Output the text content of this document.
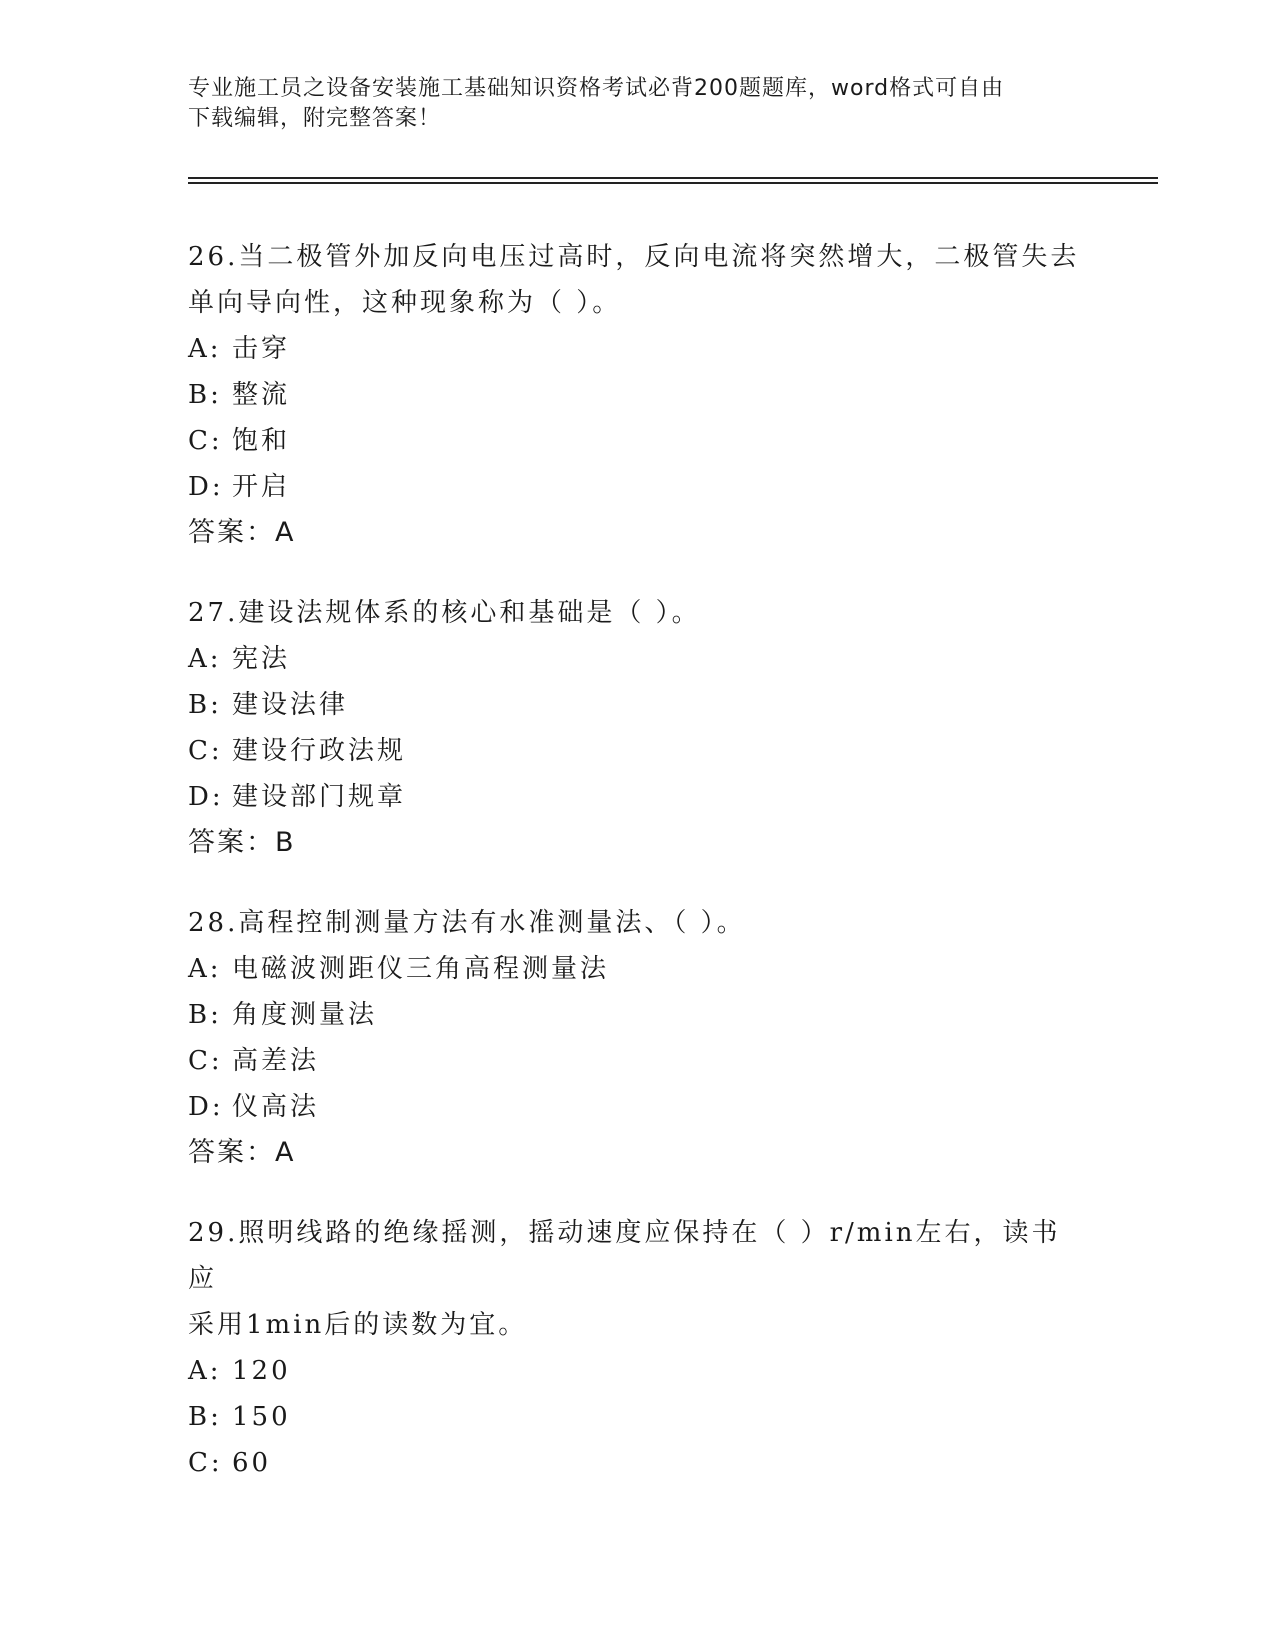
专业施工员之设备安装施工基础知识资格考试必背200题题库，word格式可自由
下载编辑，附完整答案！
26.当二极管外加反向电压过高时，反向电流将突然增大，二极管失去
单向导向性，这种现象称为（ ）。
A: 击穿
B: 整流
C: 饱和
D: 开启
答案：A
27.建设法规体系的核心和基础是（ ）。
A: 宪法
B: 建设法律
C: 建设行政法规
D: 建设部门规章
答案：B
28.高程控制测量方法有水准测量法、（ ）。
A: 电磁波测距仪三角高程测量法
B: 角度测量法
C: 高差法
D: 仪高法
答案：A
29.照明线路的绝缘摇测，摇动速度应保持在（ ）r/min左右，读书应
采用1min后的读数为宜。
A: 120
B: 150
C: 60
